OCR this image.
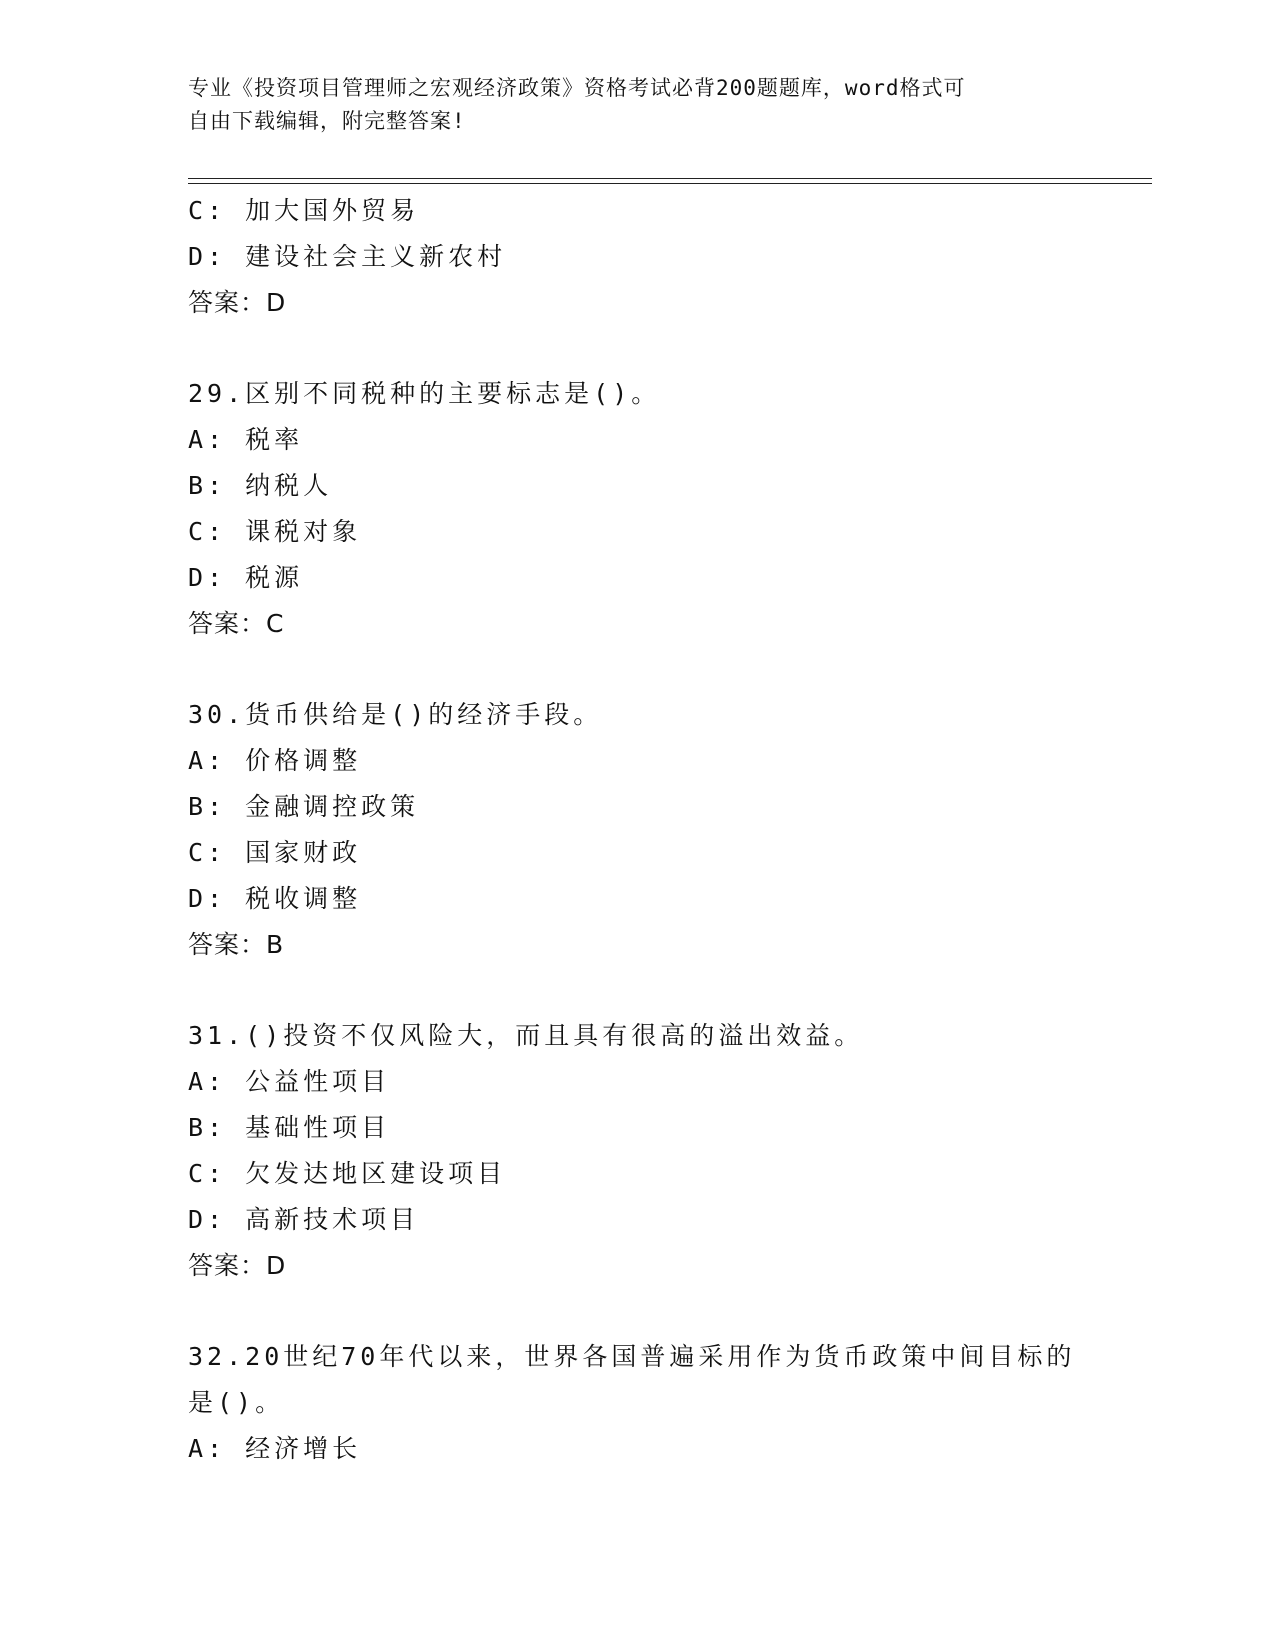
专业《投资项目管理师之宏观经济政策》资格考试必背200题题库，word格式可
自由下载编辑，附完整答案!
C: 加大国外贸易
D: 建设社会主义新农村
答案：D
29.区别不同税种的主要标志是()。
A: 税率
B: 纳税人
C: 课税对象
D: 税源
答案：C
30.货币供给是()的经济手段。
A: 价格调整
B: 金融调控政策
C: 国家财政
D: 税收调整
答案：B
31.()投资不仅风险大，而且具有很高的溢出效益。
A: 公益性项目
B: 基础性项目
C: 欠发达地区建设项目
D: 高新技术项目
答案：D
32.20世纪70年代以来，世界各国普遍采用作为货币政策中间目标的
是()。
A: 经济增长
